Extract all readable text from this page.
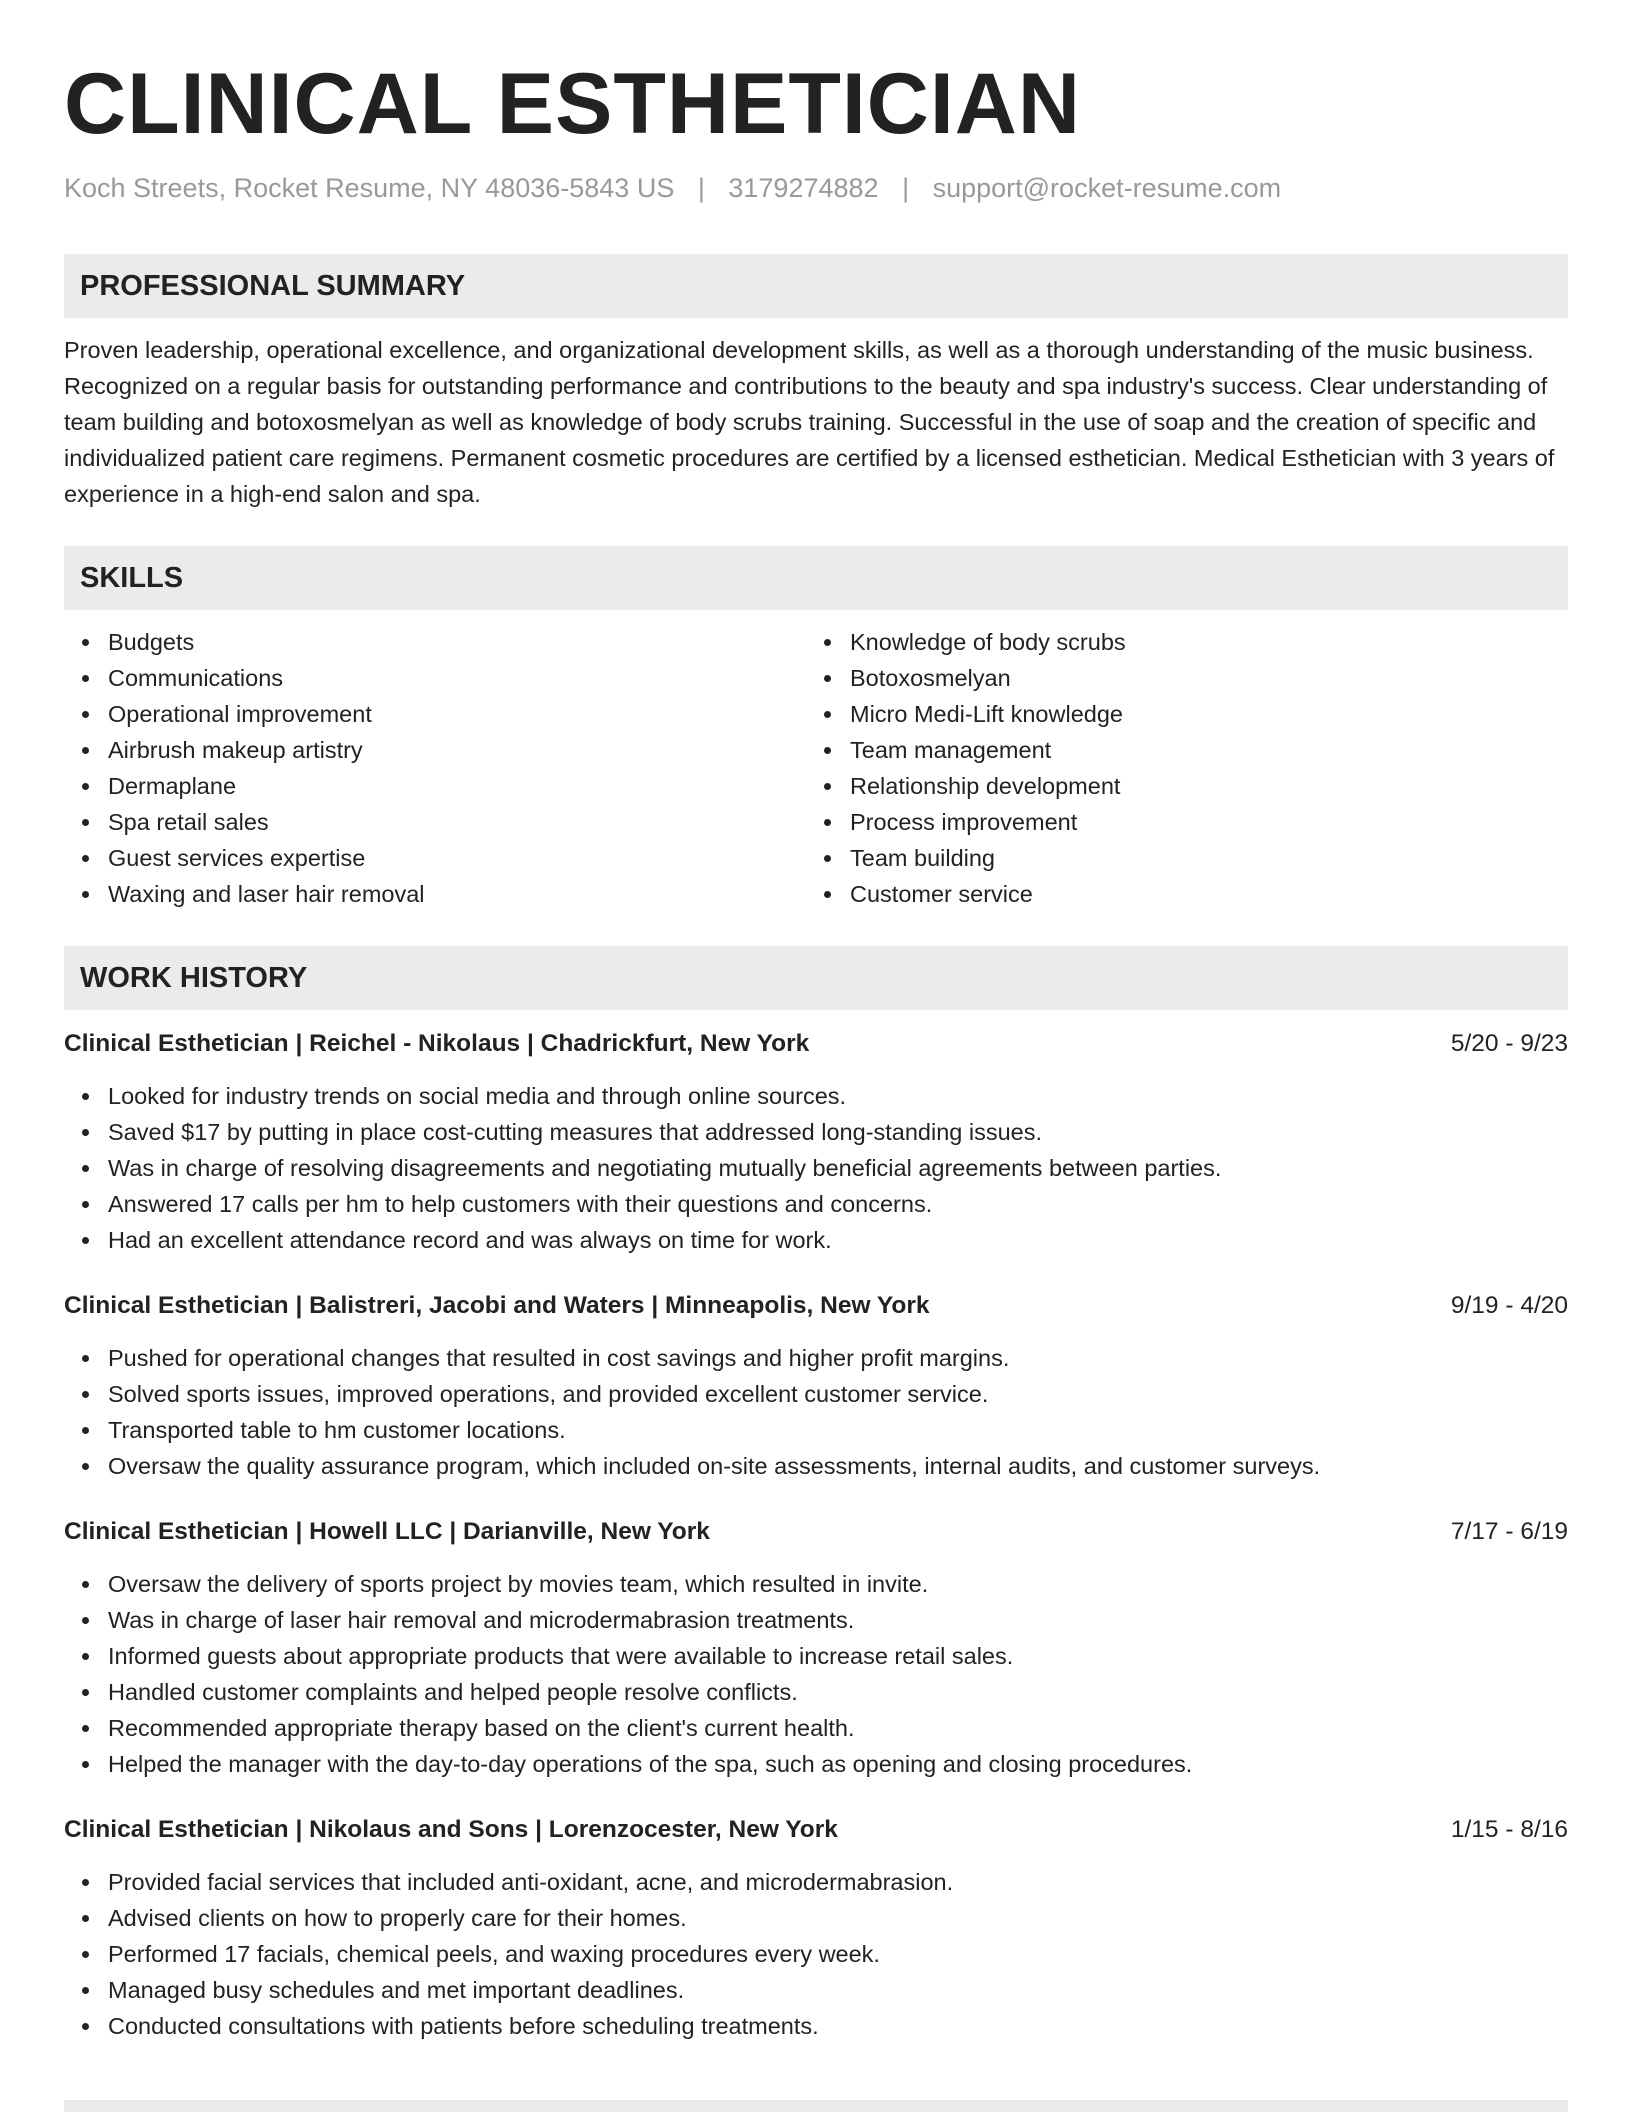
CLINICAL ESTHETICIAN
Koch Streets, Rocket Resume, NY 48036-5843 US | 3179274882 | support@rocket-resume.com
PROFESSIONAL SUMMARY
Proven leadership, operational excellence, and organizational development skills, as well as a thorough understanding of the music business. Recognized on a regular basis for outstanding performance and contributions to the beauty and spa industry's success. Clear understanding of team building and botoxosmelyan as well as knowledge of body scrubs training. Successful in the use of soap and the creation of specific and individualized patient care regimens. Permanent cosmetic procedures are certified by a licensed esthetician. Medical Esthetician with 3 years of experience in a high-end salon and spa.
SKILLS
Budgets
Communications
Operational improvement
Airbrush makeup artistry
Dermaplane
Spa retail sales
Guest services expertise
Waxing and laser hair removal
Knowledge of body scrubs
Botoxosmelyan
Micro Medi-Lift knowledge
Team management
Relationship development
Process improvement
Team building
Customer service
WORK HISTORY
Clinical Esthetician | Reichel - Nikolaus | Chadrickfurt, New York	5/20 - 9/23
Looked for industry trends on social media and through online sources.
Saved $17 by putting in place cost-cutting measures that addressed long-standing issues.
Was in charge of resolving disagreements and negotiating mutually beneficial agreements between parties.
Answered 17 calls per hm to help customers with their questions and concerns.
Had an excellent attendance record and was always on time for work.
Clinical Esthetician | Balistreri, Jacobi and Waters | Minneapolis, New York	9/19 - 4/20
Pushed for operational changes that resulted in cost savings and higher profit margins.
Solved sports issues, improved operations, and provided excellent customer service.
Transported table to hm customer locations.
Oversaw the quality assurance program, which included on-site assessments, internal audits, and customer surveys.
Clinical Esthetician | Howell LLC | Darianville, New York	7/17 - 6/19
Oversaw the delivery of sports project by movies team, which resulted in invite.
Was in charge of laser hair removal and microdermabrasion treatments.
Informed guests about appropriate products that were available to increase retail sales.
Handled customer complaints and helped people resolve conflicts.
Recommended appropriate therapy based on the client's current health.
Helped the manager with the day-to-day operations of the spa, such as opening and closing procedures.
Clinical Esthetician | Nikolaus and Sons | Lorenzocester, New York	1/15 - 8/16
Provided facial services that included anti-oxidant, acne, and microdermabrasion.
Advised clients on how to properly care for their homes.
Performed 17 facials, chemical peels, and waxing procedures every week.
Managed busy schedules and met important deadlines.
Conducted consultations with patients before scheduling treatments.
